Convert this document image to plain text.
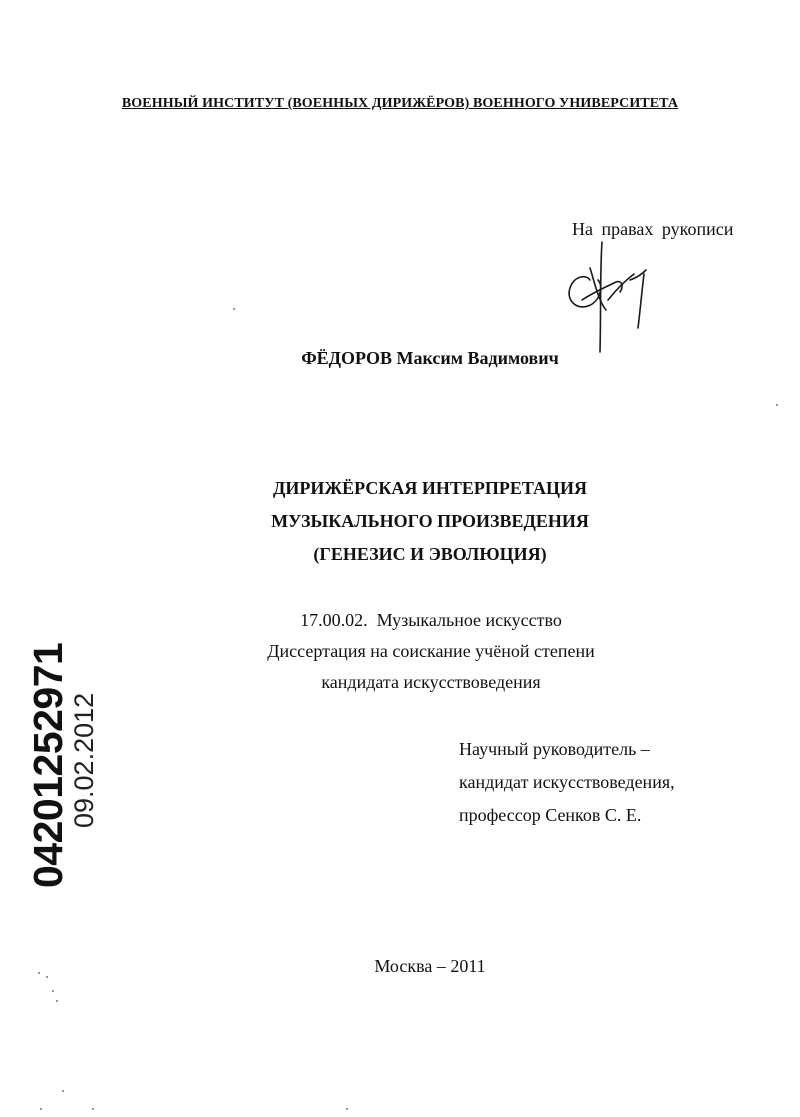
ВОЕННЫЙ ИНСТИТУТ (ВОЕННЫХ ДИРИЖЁРОВ) ВОЕННОГО УНИВЕРСИТЕТА
На правах рукописи
ФЁДОРОВ Максим Вадимович
ДИРИЖЁРСКАЯ ИНТЕРПРЕТАЦИЯ
МУЗЫКАЛЬНОГО ПРОИЗВЕДЕНИЯ
(ГЕНЕЗИС И ЭВОЛЮЦИЯ)
17.00.02.  Музыкальное искусство
Диссертация на соискание учёной степени
кандидата искусствоведения
Научный руководитель –
кандидат искусствоведения,
профессор Сенков С. Е.
Москва – 2011
04201252971
09.02.2012
